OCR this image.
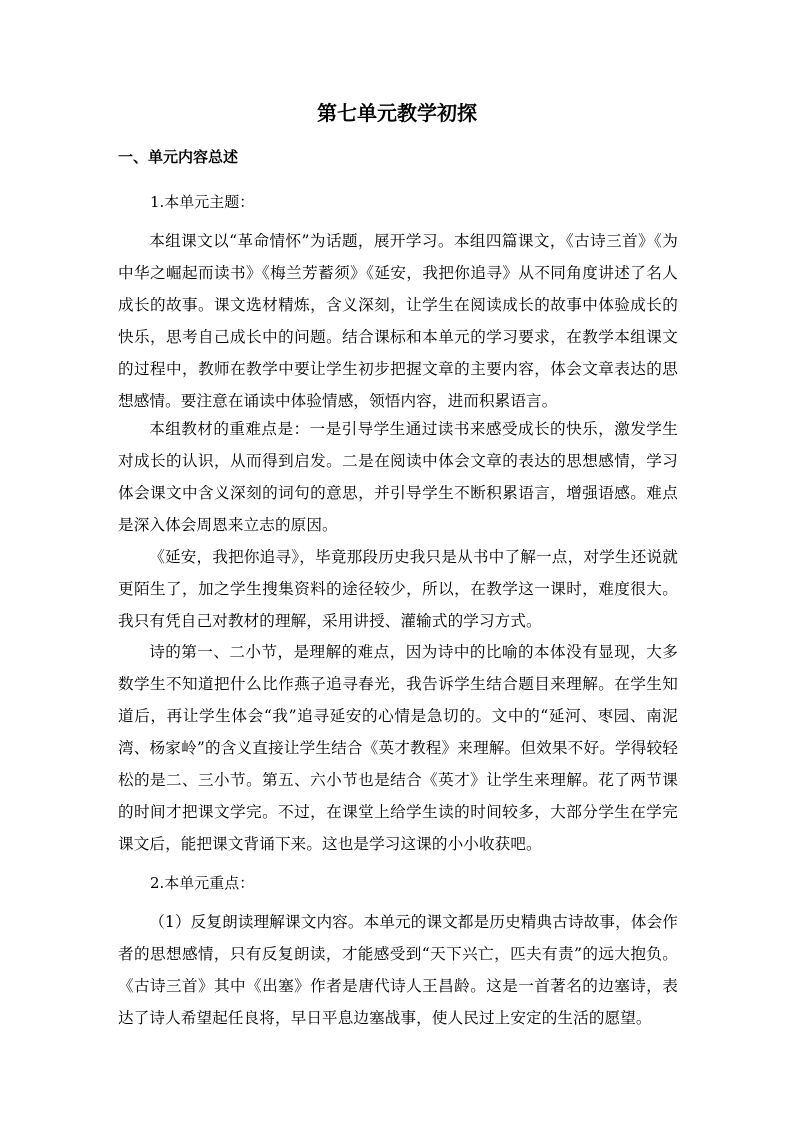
第七单元教学初探
一、单元内容总述
1.本单元主题：

本组课文以“革命情怀”为话题，展开学习。本组四篇课文，《古诗三首》《为中华之崛起而读书》《梅兰芳蓄须》《延安，我把你追寻》从不同角度讲述了名人成长的故事。课文选材精炼，含义深刻，让学生在阅读成长的故事中体验成长的快乐，思考自己成长中的问题。结合课标和本单元的学习要求，在教学本组课文的过程中，教师在教学中要让学生初步把握文章的主要内容，体会文章表达的思想感情。要注意在诵读中体验情感，领悟内容，进而积累语言。

本组教材的重难点是：一是引导学生通过读书来感受成长的快乐，激发学生对成长的认识，从而得到启发。二是在阅读中体会文章的表达的思想感情，学习体会课文中含义深刻的词句的意思，并引导学生不断积累语言，增强语感。难点是深入体会周恩来立志的原因。

《延安，我把你追寻》，毕竟那段历史我只是从书中了解一点，对学生还说就更陌生了，加之学生搜集资料的途径较少，所以，在教学这一课时，难度很大。我只有凭自己对教材的理解，采用讲授、灌输式的学习方式。

诗的第一、二小节，是理解的难点，因为诗中的比喻的本体没有显现，大多数学生不知道把什么比作燕子追寻春光，我告诉学生结合题目来理解。在学生知道后，再让学生体会“我”追寻延安的心情是急切的。文中的“延河、枣园、南泥湾、杨家岭”的含义直接让学生结合《英才教程》来理解。但效果不好。学得较轻松的是二、三小节。第五、六小节也是结合《英才》让学生来理解。花了两节课的时间才把课文学完。不过，在课堂上给学生读的时间较多，大部分学生在学完课文后，能把课文背诵下来。这也是学习这课的小小收获吧。

2.本单元重点：

（1）反复朗读理解课文内容。本单元的课文都是历史精典古诗故事，体会作者的思想感情，只有反复朗读，才能感受到“天下兴亡，匹夫有责”的远大抱负。《古诗三首》其中《出塞》作者是唐代诗人王昌龄。这是一首著名的边塞诗，表达了诗人希望起任良将，早日平息边塞战事，使人民过上安定的生活的愿望。
